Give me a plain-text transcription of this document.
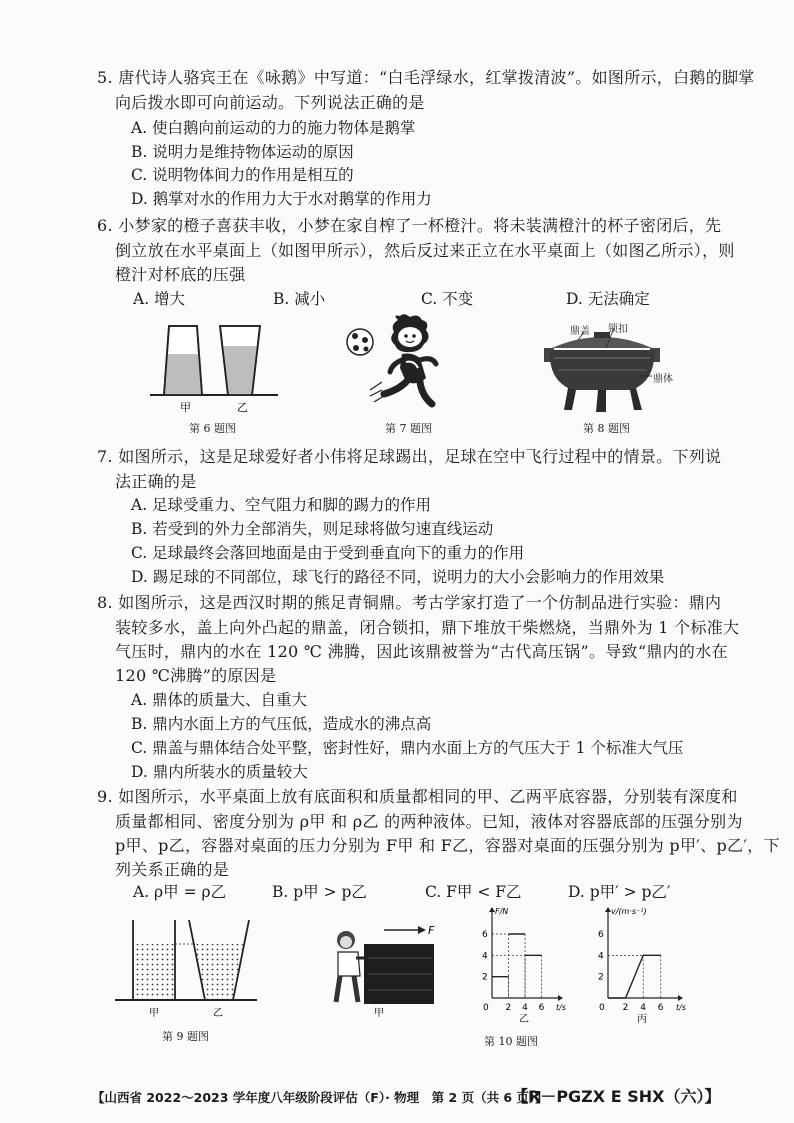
5. 唐代诗人骆宾王在《咏鹅》中写道：“白毛浮绿水，红掌拨清波”。如图所示，白鹅的脚掌
向后拨水即可向前运动。下列说法正确的是
A. 使白鹅向前运动的力的施力物体是鹅掌
B. 说明力是维持物体运动的原因
C. 说明物体间力的作用是相互的
D. 鹅掌对水的作用力大于水对鹅掌的作用力
6. 小梦家的橙子喜获丰收，小梦在家自榨了一杯橙汁。将未装满橙汁的杯子密闭后，先
倒立放在水平桌面上（如图甲所示），然后反过来正立在水平桌面上（如图乙所示），则
橙汁对杯底的压强
A. 增大	B. 减小	C. 不变	D. 无法确定
甲	乙
第 6 题图	第 7 题图
鼎盖 锁扣
鼎体
第 8 题图
7. 如图所示，这是足球爱好者小伟将足球踢出，足球在空中飞行过程中的情景。下列说
法正确的是
A. 足球受重力、空气阻力和脚的踢力的作用
B. 若受到的外力全部消失，则足球将做匀速直线运动
C. 足球最终会落回地面是由于受到垂直向下的重力的作用
D. 踢足球的不同部位，球飞行的路径不同，说明力的大小会影响力的作用效果
8. 如图所示，这是西汉时期的熊足青铜鼎。考古学家打造了一个仿制品进行实验：鼎内
装较多水，盖上向外凸起的鼎盖，闭合锁扣，鼎下堆放干柴燃烧，当鼎外为 1 个标准大
气压时，鼎内的水在 120 ℃ 沸腾，因此该鼎被誉为“古代高压锅”。导致“鼎内的水在
120 ℃沸腾”的原因是
A. 鼎体的质量大、自重大
B. 鼎内水面上方的气压低，造成水的沸点高
C. 鼎盖与鼎体结合处平整，密封性好，鼎内水面上方的气压大于 1 个标准大气压
D. 鼎内所装水的质量较大
9. 如图所示，水平桌面上放有底面积和质量都相同的甲、乙两平底容器，分别装有深度和
质量都相同、密度分别为 ρ甲 和 ρ乙 的两种液体。已知，液体对容器底部的压强分别为
p甲、p乙，容器对桌面的压力分别为 F甲 和 F乙，容器对桌面的压强分别为 p甲′、p乙′，下
列关系正确的是
A. ρ甲 = ρ乙	B. p甲 > p乙	C. F甲 < F乙	D. p甲′ > p乙′
甲	乙
第 9 题图
F
甲
F/N
t/s
0 2 4 6
2
4
6
乙
v/(m·s⁻¹)
t/s
0 2 4 6
2
4
6
丙
第 10 题图
【山西省 2022～2023 学年度八年级阶段评估（F）· 物理　第 2 页（共 6 页）】
【R－PGZX E SHX（六）】
